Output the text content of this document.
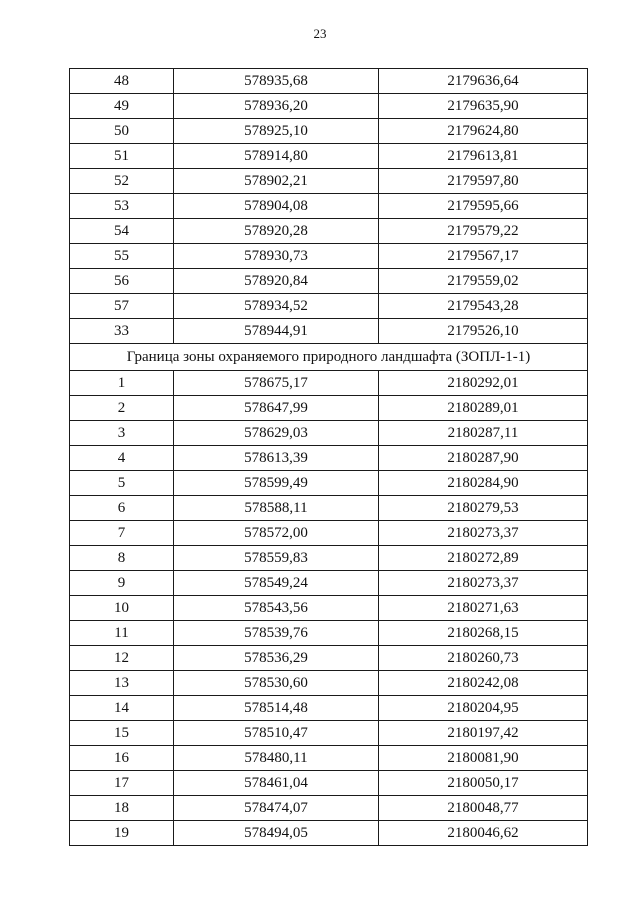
23
48	578935,68	2179636,64
49	578936,20	2179635,90
50	578925,10	2179624,80
51	578914,80	2179613,81
52	578902,21	2179597,80
53	578904,08	2179595,66
54	578920,28	2179579,22
55	578930,73	2179567,17
56	578920,84	2179559,02
57	578934,52	2179543,28
33	578944,91	2179526,10
Граница зоны охраняемого природного ландшафта (ЗОПЛ-1-1)		
1	578675,17	2180292,01
2	578647,99	2180289,01
3	578629,03	2180287,11
4	578613,39	2180287,90
5	578599,49	2180284,90
6	578588,11	2180279,53
7	578572,00	2180273,37
8	578559,83	2180272,89
9	578549,24	2180273,37
10	578543,56	2180271,63
11	578539,76	2180268,15
12	578536,29	2180260,73
13	578530,60	2180242,08
14	578514,48	2180204,95
15	578510,47	2180197,42
16	578480,11	2180081,90
17	578461,04	2180050,17
18	578474,07	2180048,77
19	578494,05	2180046,62
